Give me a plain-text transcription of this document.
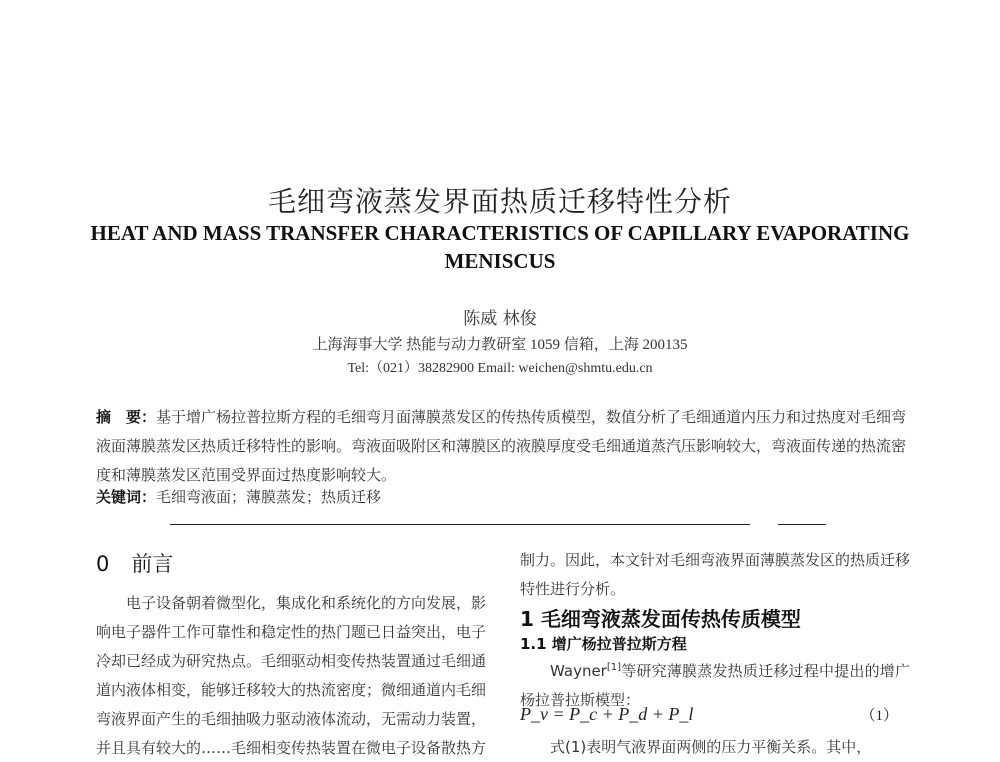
毛细弯液蒸发界面热质迁移特性分析
HEAT AND MASS TRANSFER CHARACTERISTICS OF CAPILLARY EVAPORATING MENISCUS
陈威 林俊
上海海事大学 热能与动力教研室 1059 信箱，上海 200135
Tel:（021）38282900 Email: weichen@shmtu.edu.cn
摘　要：基于增广杨拉普拉斯方程的毛细弯月面薄膜蒸发区的传热传质模型，数值分析了毛细通道内压力和过热度对毛细弯液面薄膜蒸发区热质迁移特性的影响。弯液面吸附区和薄膜区的液膜厚度受毛细通道蒸汽压影响较大，弯液面传递的热流密度和薄膜蒸发区范围受界面过热度影响较大。
关键词：毛细弯液面；薄膜蒸发；热质迁移
0 前言
电子设备朝着微型化，集成化和系统化的方向发展，影响电子器件工作可靠性和稳定性的热门题已日益突出，电子冷却已经成为研究热点。毛细驱动相变传热装置通过毛细通道内液体相变，能够迁移较大的热流密度；微细通道内毛细弯液界面产生的毛细抽吸力驱动液体流动，无需动力装置，并且具有较大的……毛细相变传热装置在微电子设备散热方
制力。因此，本文针对毛细弯液界面薄膜蒸发区的热质迁移特性进行分析。
1 毛细弯液蒸发面传热传质模型
1.1 增广杨拉普拉斯方程
Wayner[1]等研究薄膜蒸发热质迁移过程中提出的增广杨拉普拉斯模型：
P_v = P_c + P_d + P_l	（1）
式(1)表明气液界面两侧的压力平衡关系。其中，
